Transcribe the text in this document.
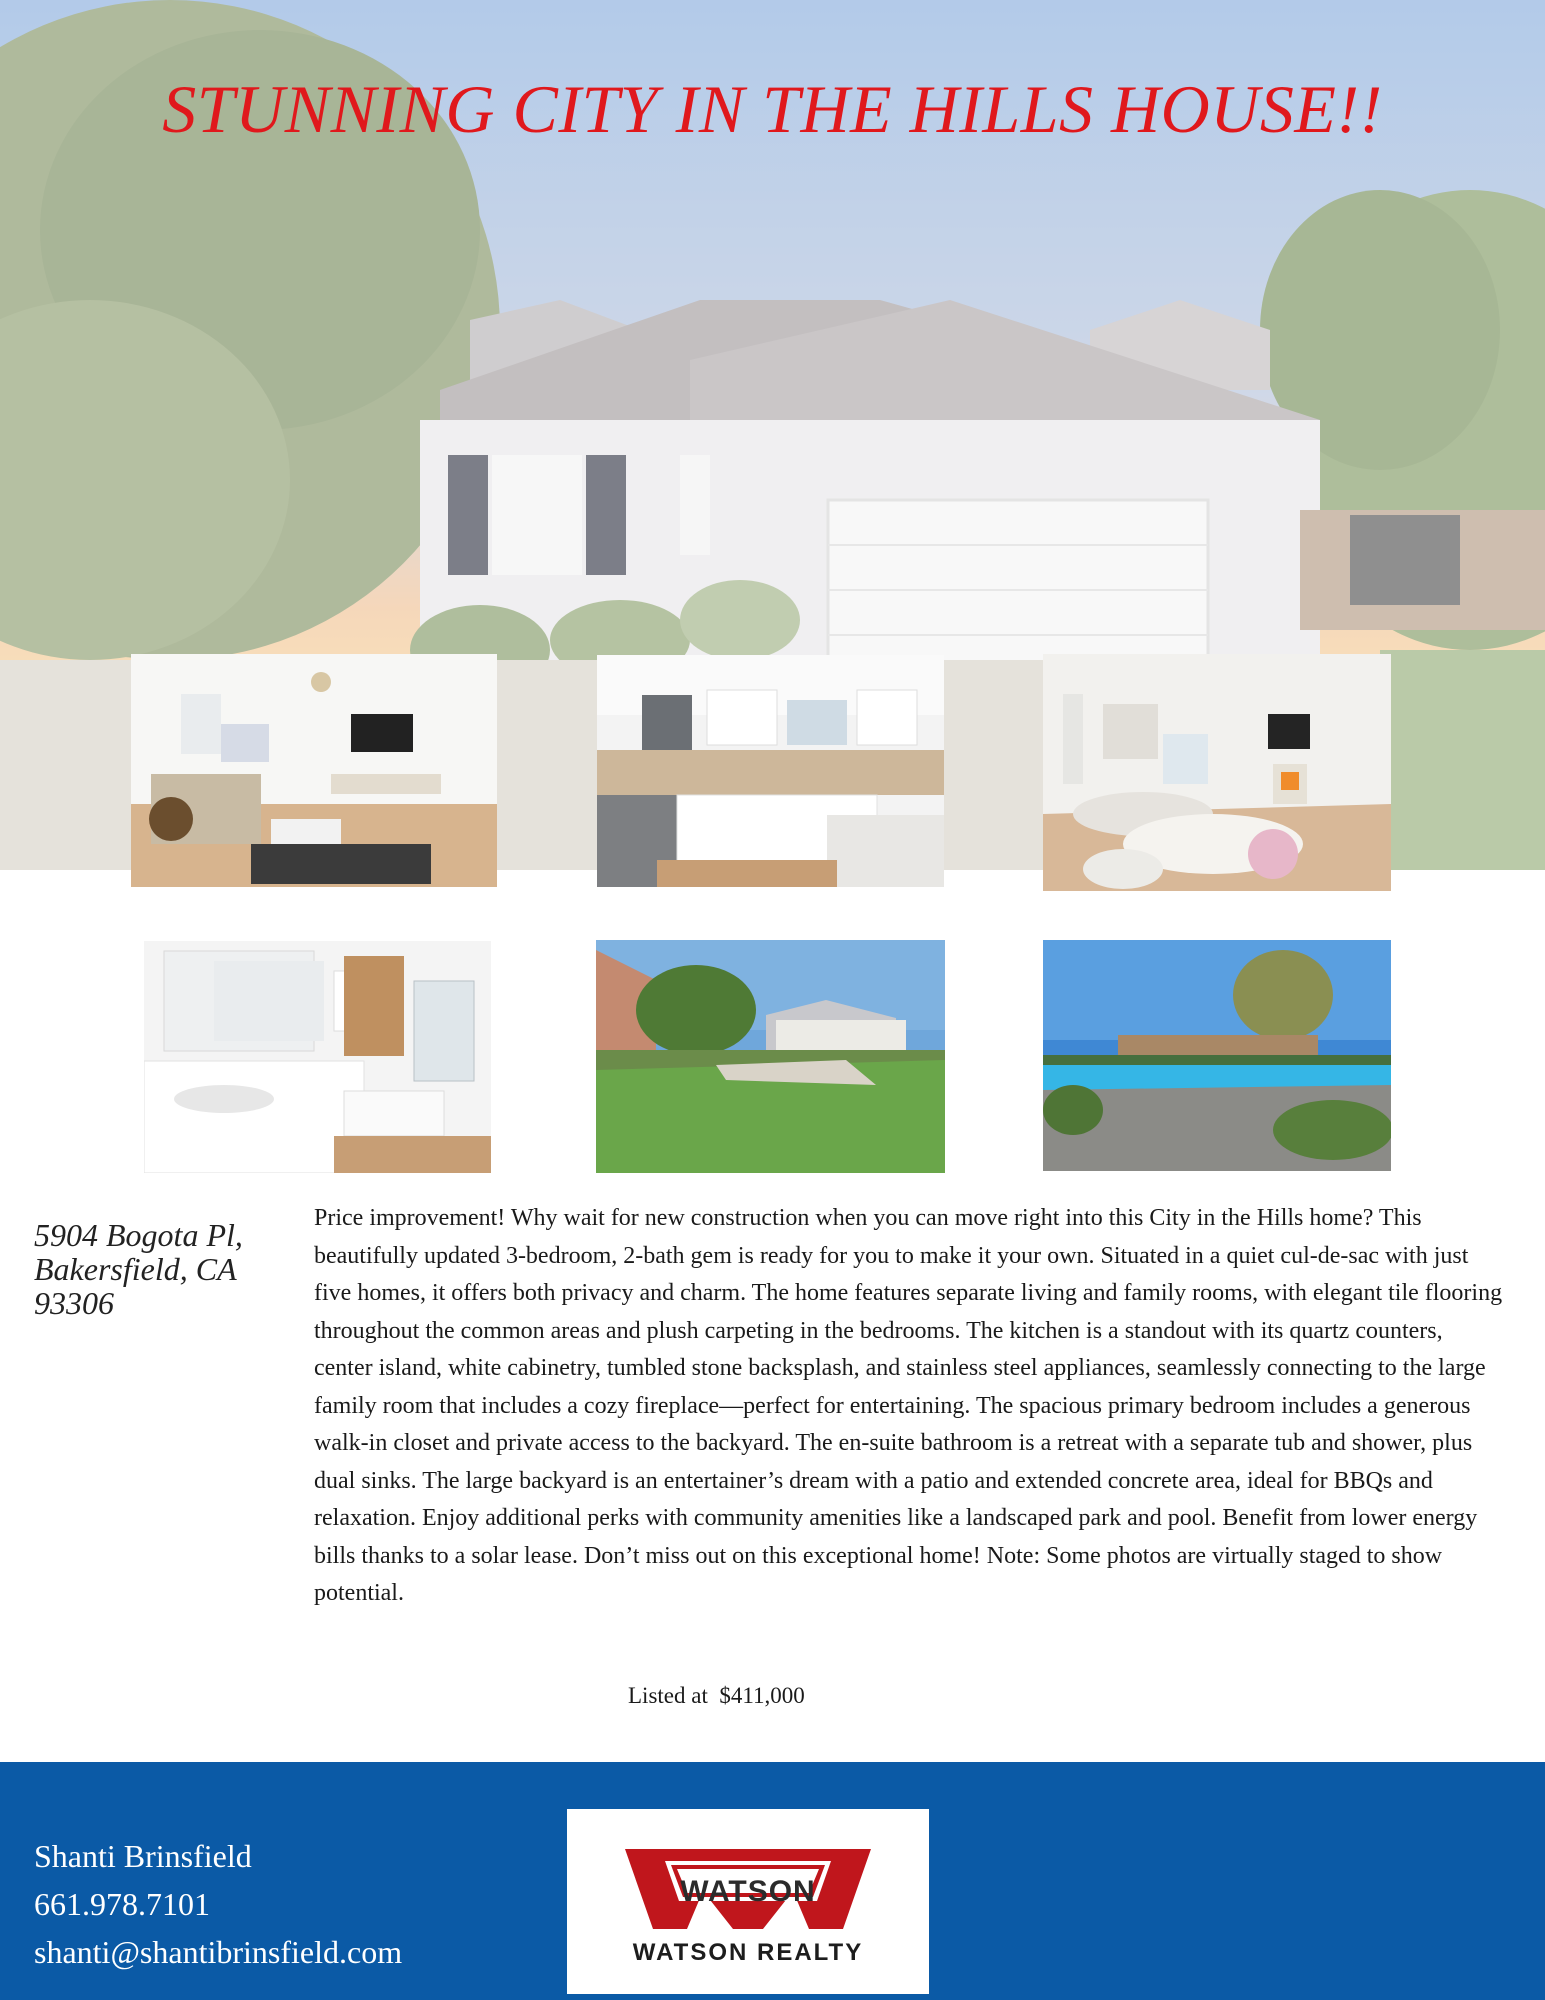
STUNNING CITY IN THE HILLS HOUSE!!
5904 Bogota Pl,
Bakersfield, CA
93306

Price improvement! Why wait for new construction when you can move right into this City in the Hills home? This beautifully updated 3-bedroom, 2-bath gem is ready for you to make it your own. Situated in a quiet cul-de-sac with just five homes, it offers both privacy and charm. The home features separate living and family rooms, with elegant tile flooring throughout the common areas and plush carpeting in the bedrooms. The kitchen is a standout with its quartz counters, center island, white cabinetry, tumbled stone backsplash, and stainless steel appliances, seamlessly connecting to the large family room that includes a cozy fireplace—perfect for entertaining. The spacious primary bedroom includes a generous walk-in closet and private access to the backyard. The en-suite bathroom is a retreat with a separate tub and shower, plus dual sinks. The large backyard is an entertainer’s dream with a patio and extended concrete area, ideal for BBQs and relaxation. Enjoy additional perks with community amenities like a landscaped park and pool. Benefit from lower energy bills thanks to a solar lease. Don’t miss out on this exceptional home! Note: Some photos are virtually staged to show potential.

Listed at  $411,000
Shanti Brinsfield
661.978.7101
shanti@shantibrinsfield.com
WATSON
WATSON REALTY
